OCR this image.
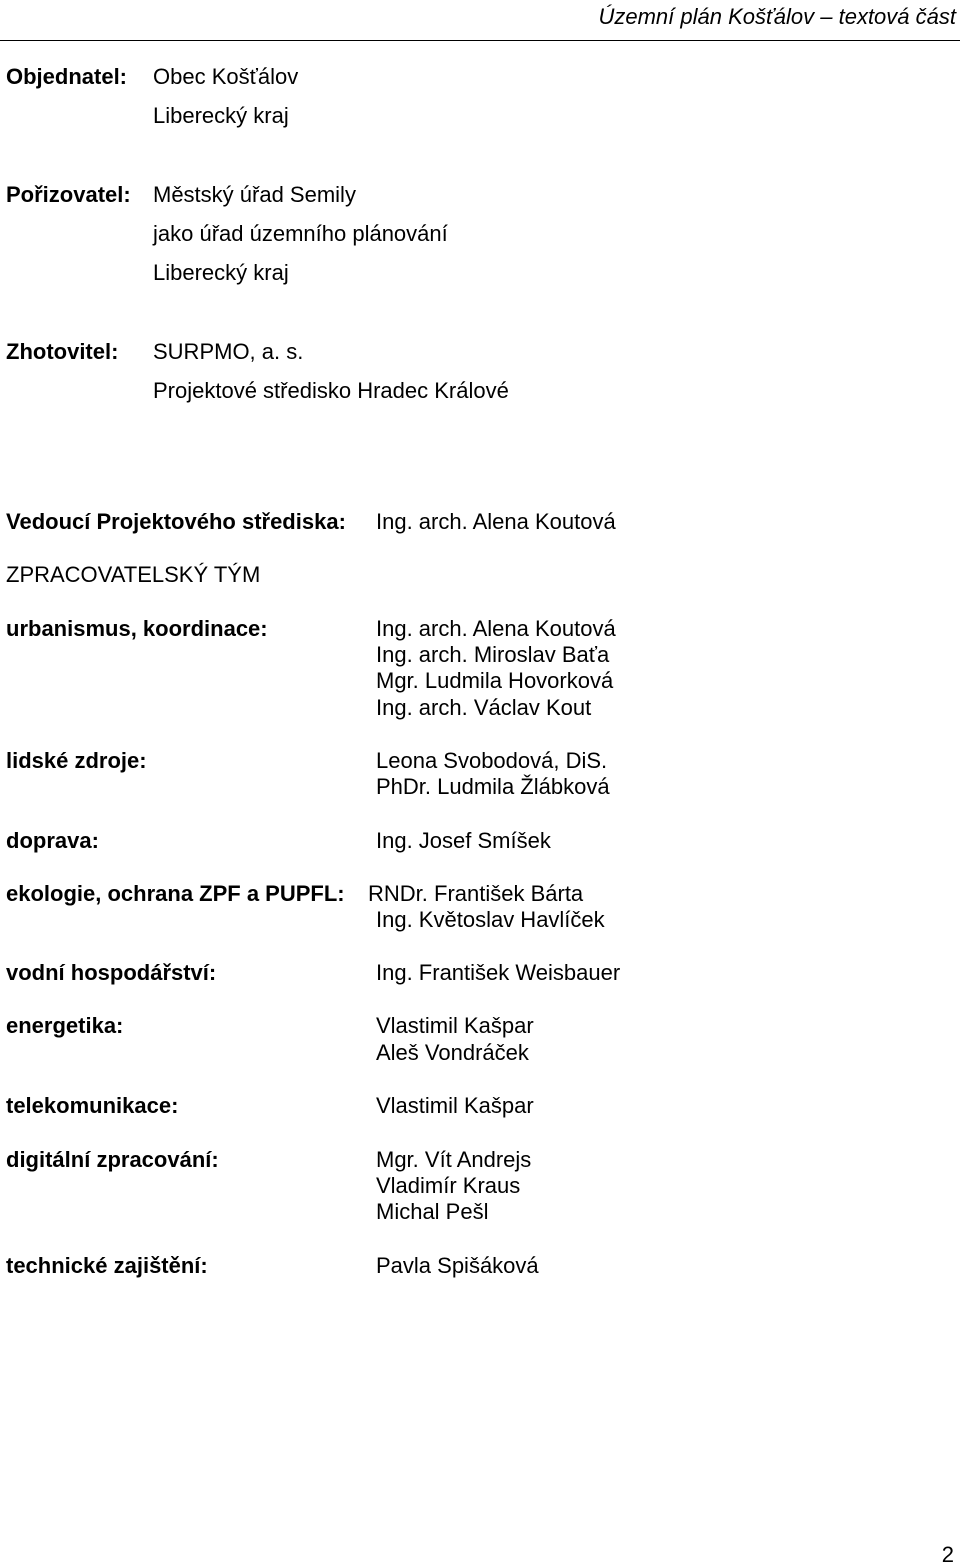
Územní plán Košťálov – textová část
Objednatel: Obec Košťálov
Liberecký kraj
Pořizovatel: Městský úřad Semily
jako úřad územního plánování
Liberecký kraj
Zhotovitel: SURPMO, a. s.
Projektové středisko Hradec Králové
Vedoucí Projektového střediska: Ing. arch. Alena Koutová
ZPRACOVATELSKÝ TÝM
urbanismus, koordinace:	Ing. arch. Alena Koutová
Ing. arch. Miroslav Baťa
Mgr. Ludmila Hovorková
Ing. arch. Václav Kout
lidské zdroje:	Leona Svobodová, DiS.
PhDr. Ludmila Žlábková
doprava:	Ing. Josef Smíšek
ekologie, ochrana ZPF a PUPFL: RNDr. František Bárta
Ing. Květoslav Havlíček
vodní hospodářství:	Ing. František Weisbauer
energetika:	Vlastimil Kašpar
Aleš Vondráček
telekomunikace:	Vlastimil Kašpar
digitální zpracování:	Mgr. Vít Andrejs
Vladimír Kraus
Michal Pešl
technické zajištění:	Pavla Spišáková
2
